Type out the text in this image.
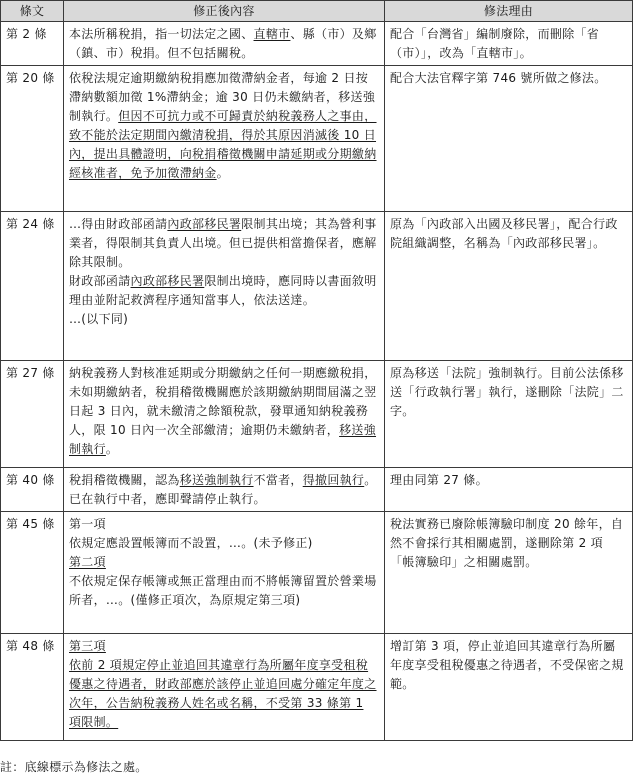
條文	修正後內容	修法理由
第 2 條	本法所稱稅捐，指一切法定之國、直轄市、縣（市）及鄉（鎮、市）稅捐。但不包括關稅。	配合「台灣省」編制廢除，而刪除「省（市）」，改為「直轄市」。
第 20 條	依稅法規定逾期繳納稅捐應加徵滯納金者，每逾 2 日按滯納數額加徵 1%滯納金；逾 30 日仍未繳納者，移送強制執行。但因不可抗力或不可歸責於納稅義務人之事由，致不能於法定期間內繳清稅捐，得於其原因消滅後 10 日內，提出具體證明，向稅捐稽徵機關申請延期或分期繳納經核准者，免予加徵滯納金。	配合大法官釋字第 746 號所做之修法。
第 24 條	…得由財政部函請內政部移民署限制其出境；其為營利事業者，得限制其負責人出境。但已提供相當擔保者，應解除其限制。
財政部函請內政部移民署限制出境時，應同時以書面敘明理由並附記救濟程序通知當事人，依法送達。
…(以下同)	原為「內政部入出國及移民署」，配合行政院組織調整，名稱為「內政部移民署」。
第 27 條	納稅義務人對核准延期或分期繳納之任何一期應繳稅捐，未如期繳納者，稅捐稽徵機關應於該期繳納期間屆滿之翌日起 3 日內，就未繳清之餘額稅款，發單通知納稅義務人，限 10 日內一次全部繳清；逾期仍未繳納者，移送強制執行。	原為移送「法院」強制執行。目前公法係移送「行政執行署」執行，遂刪除「法院」二字。
第 40 條	稅捐稽徵機關，認為移送強制執行不當者，得撤回執行。已在執行中者，應即聲請停止執行。	理由同第 27 條。
第 45 條	第一項
依規定應設置帳簿而不設置，…。(未予修正)
第二項
不依規定保存帳簿或無正當理由而不將帳簿留置於營業場所者，…。(僅修正項次，為原規定第三項)	稅法實務已廢除帳簿驗印制度 20 餘年，自然不會採行其相關處罰，遂刪除第 2 項「帳簿驗印」之相關處罰。
第 48 條	第三項
依前 2 項規定停止並追回其違章行為所屬年度享受租稅優惠之待遇者，財政部應於該停止並追回處分確定年度之次年，公告納稅義務人姓名或名稱，不受第 33 條第 1 項限制。	增訂第 3 項，停止並追回其違章行為所屬年度享受租稅優惠之待遇者，不受保密之規範。
註：底線標示為修法之處。
